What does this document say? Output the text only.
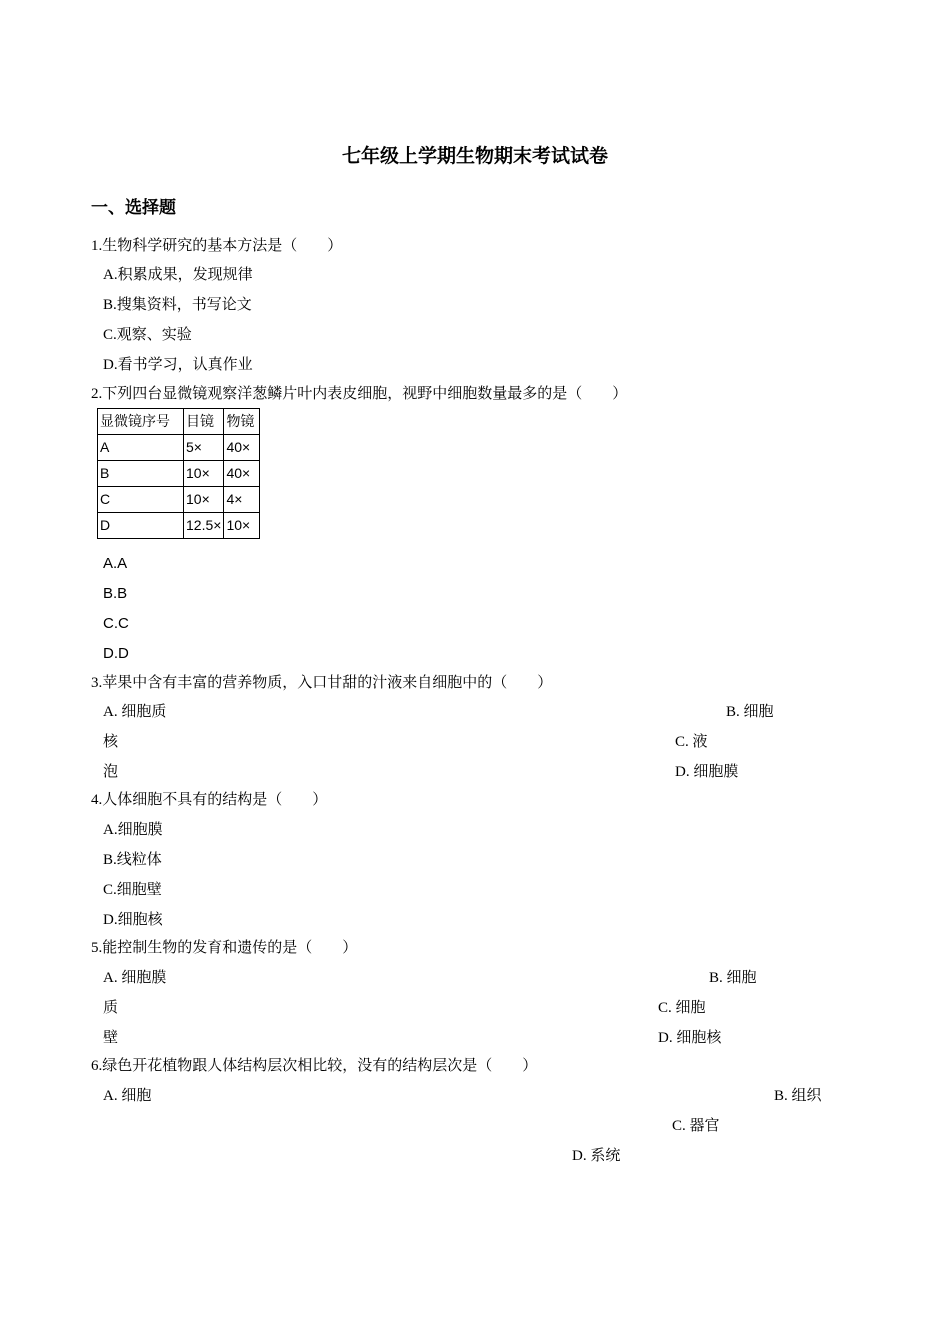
七年级上学期生物期末考试试卷
一、选择题
1.生物科学研究的基本方法是（　　）
A.积累成果，发现规律
B.搜集资料，书写论文
C.观察、实验
D.看书学习，认真作业
2.下列四台显微镜观察洋葱鳞片叶内表皮细胞，视野中细胞数量最多的是（　　）
显微镜序号	目镜	物镜
A	5×	40×
B	10×	40×
C	10×	4×
D	12.5×	10×
A.A
B.B
C.C
D.D
3.苹果中含有丰富的营养物质，入口甘甜的汁液来自细胞中的（　　）
A. 细胞质	B. 细胞
核	C. 液
泡	D. 细胞膜
4.人体细胞不具有的结构是（　　）
A.细胞膜
B.线粒体
C.细胞壁
D.细胞核
5.能控制生物的发育和遗传的是（　　）
A. 细胞膜	B. 细胞
质	C. 细胞
壁	D. 细胞核
6.绿色开花植物跟人体结构层次相比较，没有的结构层次是（　　）
A. 细胞	B. 组织
C. 器官
D. 系统
